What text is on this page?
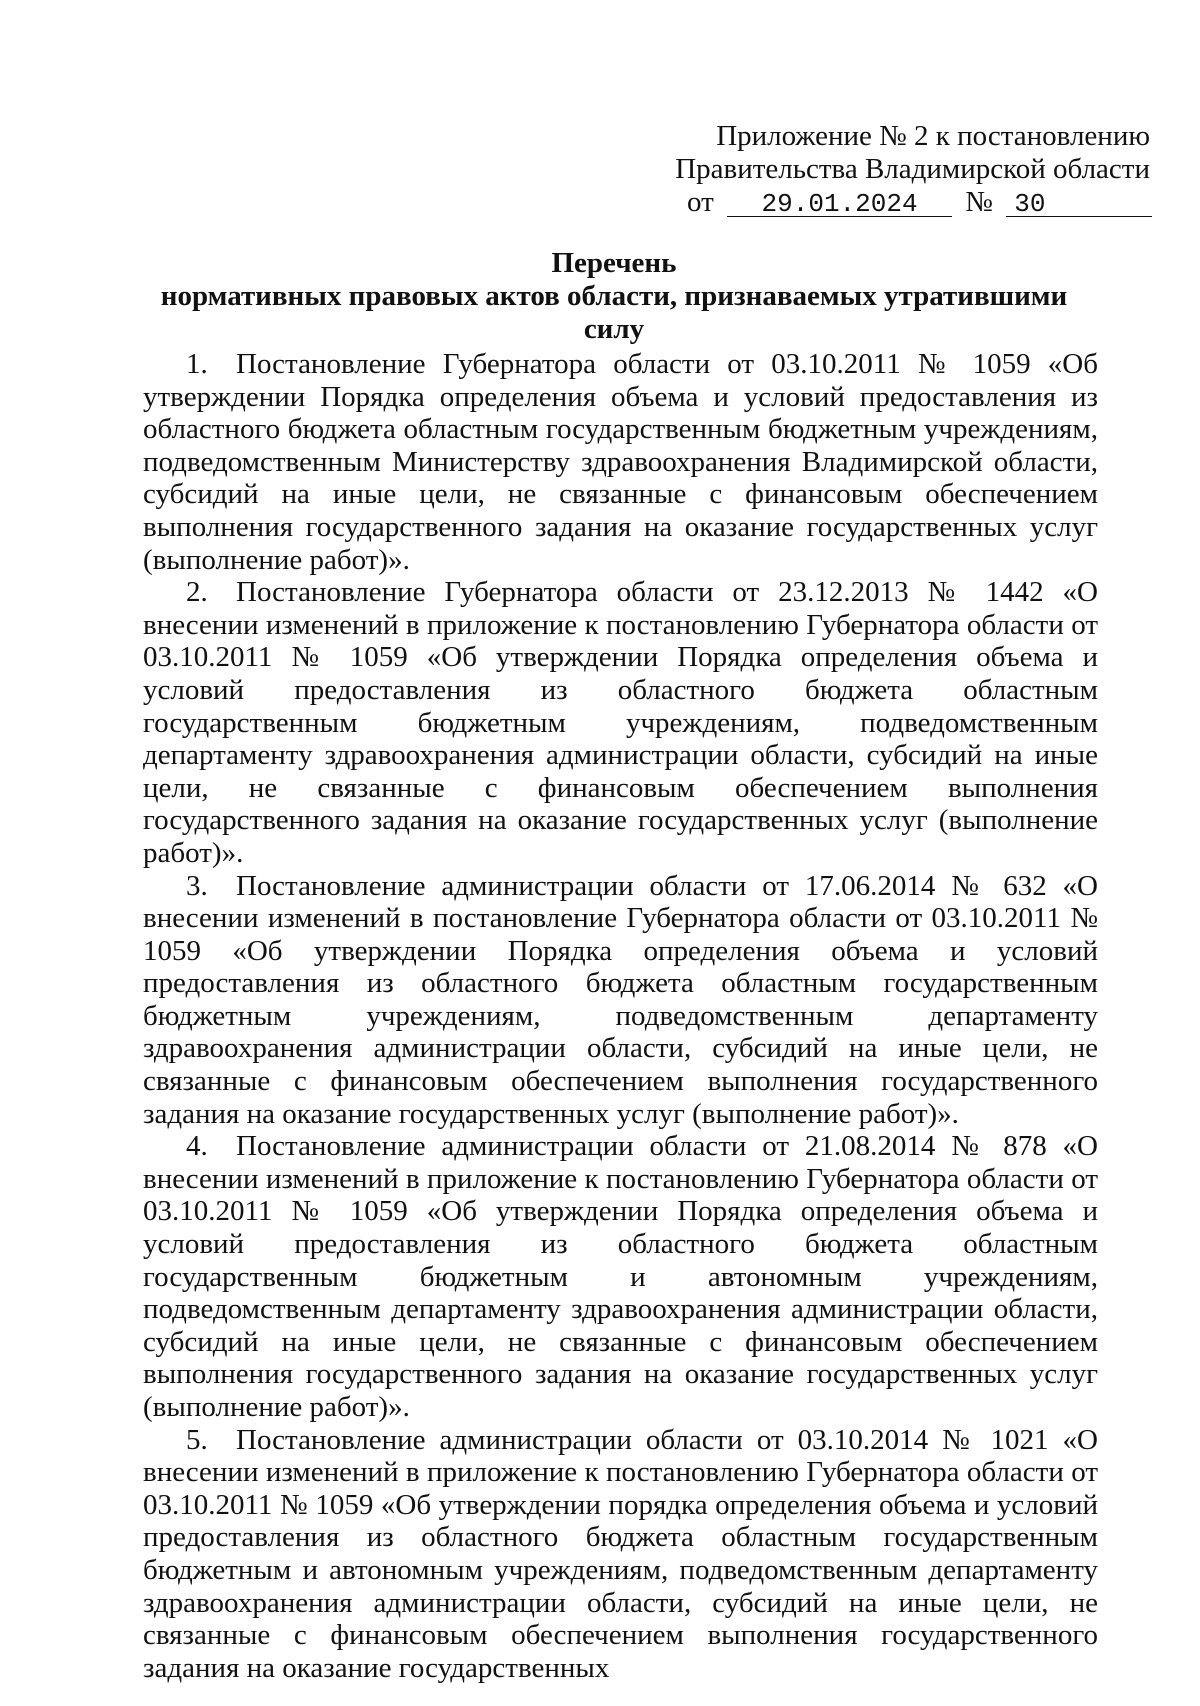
Приложение № 2 к постановлению
Правительства Владимирской области
от 29.01.2024 № 30
Перечень
нормативных правовых актов области, признаваемых утратившими силу

1. Постановление Губернатора области от 03.10.2011 № 1059 «Об утверждении Порядка определения объема и условий предоставления из областного бюджета областным государственным бюджетным учреждениям, подведомственным Министерству здравоохранения Владимирской области, субсидий на иные цели, не связанные с финансовым обеспечением выполнения государственного задания на оказание государственных услуг (выполнение работ)».

2. Постановление Губернатора области от 23.12.2013 № 1442 «О внесении изменений в приложение к постановлению Губернатора области от 03.10.2011 № 1059 «Об утверждении Порядка определения объема и условий предоставления из областного бюджета областным государственным бюджетным учреждениям, подведомственным департаменту здравоохранения администрации области, субсидий на иные цели, не связанные с финансовым обеспечением выполнения государственного задания на оказание государственных услуг (выполнение работ)».

3. Постановление администрации области от 17.06.2014 № 632 «О внесении изменений в постановление Губернатора области от 03.10.2011 № 1059 «Об утверждении Порядка определения объема и условий предоставления из областного бюджета областным государственным бюджетным учреждениям, подведомственным департаменту здравоохранения администрации области, субсидий на иные цели, не связанные с финансовым обеспечением выполнения государственного задания на оказание государственных услуг (выполнение работ)».

4. Постановление администрации области от 21.08.2014 № 878 «О внесении изменений в приложение к постановлению Губернатора области от 03.10.2011 № 1059 «Об утверждении Порядка определения объема и условий предоставления из областного бюджета областным государственным бюджетным и автономным учреждениям, подведомственным департаменту здравоохранения администрации области, субсидий на иные цели, не связанные с финансовым обеспечением выполнения государственного задания на оказание государственных услуг (выполнение работ)».

5. Постановление администрации области от 03.10.2014 № 1021 «О внесении изменений в приложение к постановлению Губернатора области от 03.10.2011 № 1059 «Об утверждении порядка определения объема и условий предоставления из областного бюджета областным государственным бюджетным и автономным учреждениям, подведомственным департаменту здравоохранения администрации области, субсидий на иные цели, не связанные с финансовым обеспечением выполнения государственного задания на оказание государственных
